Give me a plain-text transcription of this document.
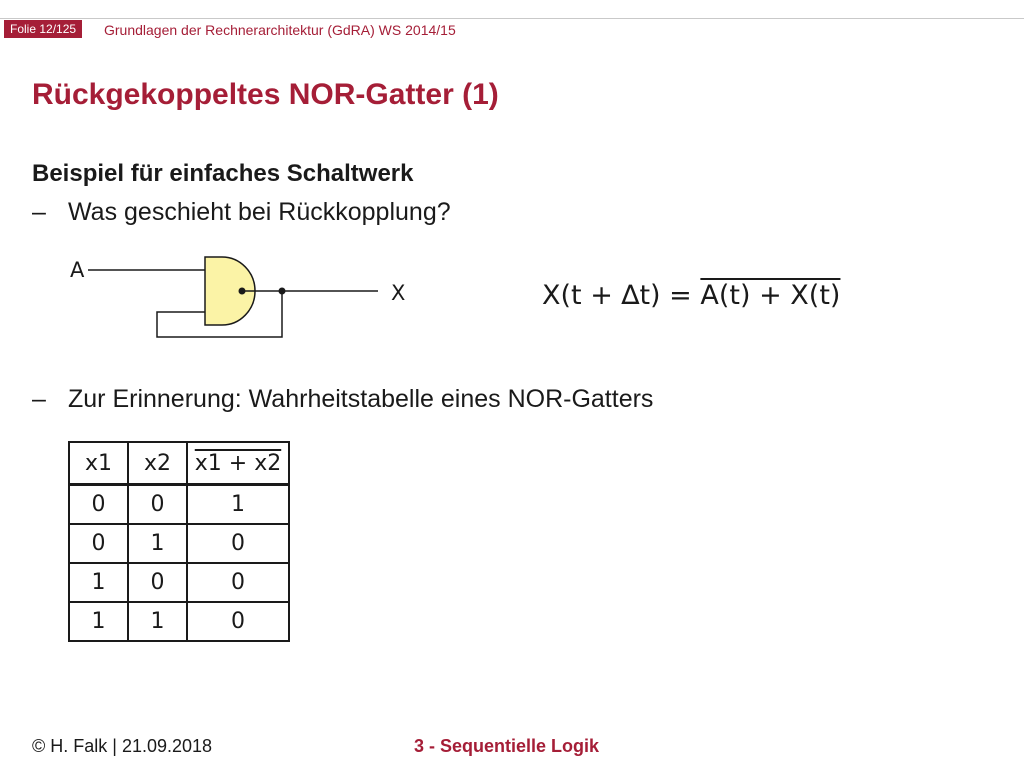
Folie 12/125	Grundlagen der Rechnerarchitektur (GdRA) WS 2014/15
Rückgekoppeltes NOR-Gatter (1)
Beispiel für einfaches Schaltwerk
– Was geschieht bei Rückkopplung?
A
X	X(t + ∆t) = A(t) + X(t)
– Zur Erinnerung: Wahrheitstabelle eines NOR-Gatters
x1	x2	x1 + x2
0	0	1
0	1	0
1	0	0
1	1	0
© H. Falk | 21.09.2018	3 - Sequentielle Logik
